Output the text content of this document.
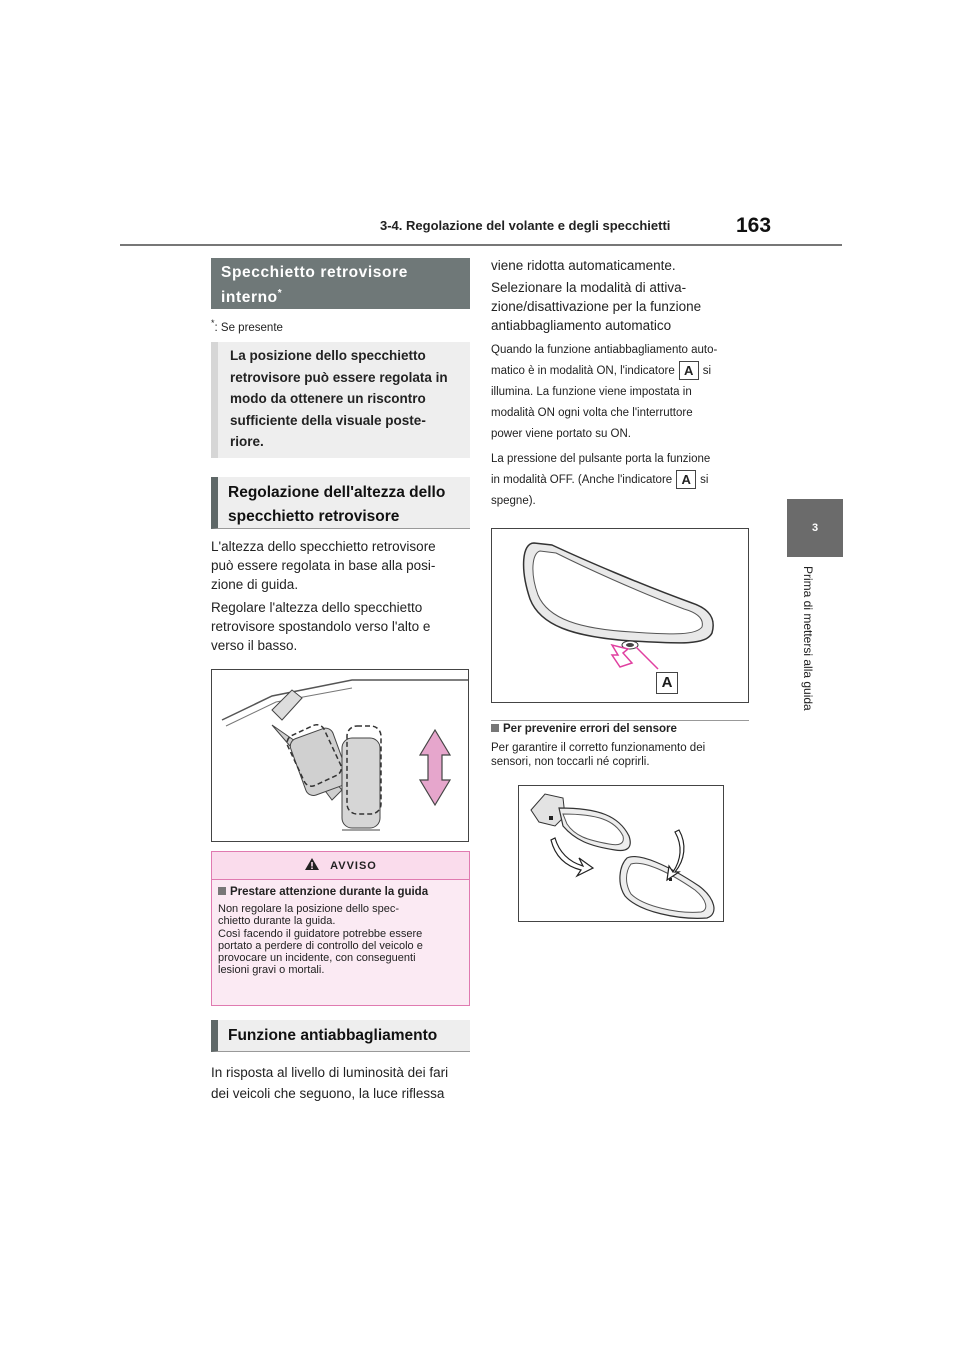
3-4. Regolazione del volante e degli specchietti	163
3
Prima di mettersi alla guida
Specchietto retrovisore
interno*
*: Se presente
La posizione dello specchietto
retrovisore può essere regolata in
modo da ottenere un riscontro
sufficiente della visuale poste-
riore.
Regolazione dell'altezza dello
specchietto retrovisore
L'altezza dello specchietto retrovisore
può essere regolata in base alla posi-
zione di guida.
Regolare l'altezza dello specchietto
retrovisore spostandolo verso l'alto e
verso il basso.
AVVISO
Prestare attenzione durante la guida
Non regolare la posizione dello spec-
chietto durante la guida.
Così facendo il guidatore potrebbe essere
portato a perdere di controllo del veicolo e
provocare un incidente, con conseguenti
lesioni gravi o mortali.
Funzione antiabbagliamento
In risposta al livello di luminosità dei fari
dei veicoli che seguono, la luce riflessa
viene ridotta automaticamente.
Selezionare la modalità di attiva-
zione/disattivazione per la funzione
antiabbagliamento automatico
Quando la funzione antiabbagliamento auto-
matico è in modalità ON, l'indicatore A si
illumina. La funzione viene impostata in
modalità ON ogni volta che l'interruttore
power viene portato su ON.
La pressione del pulsante porta la funzione
in modalità OFF. (Anche l'indicatore A si
spegne).
A
Per prevenire errori del sensore
Per garantire il corretto funzionamento dei
sensori, non toccarli né coprirli.
